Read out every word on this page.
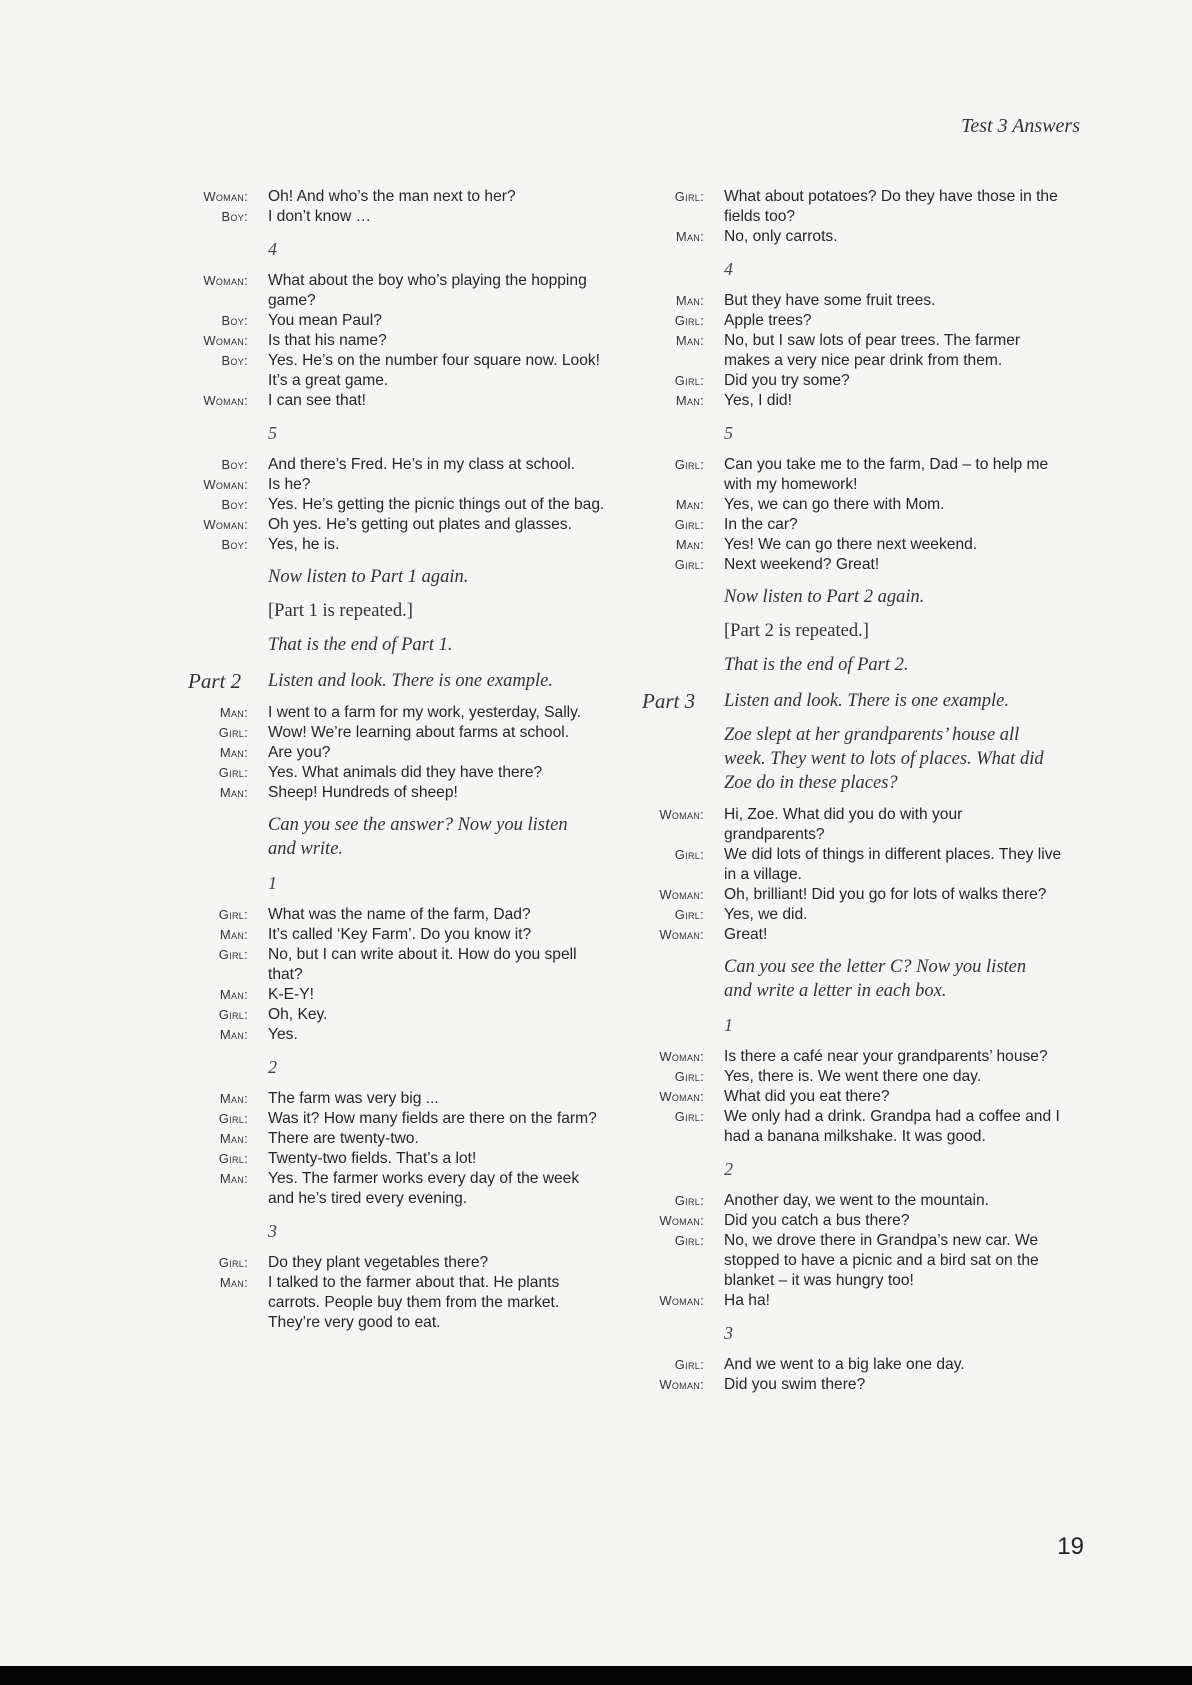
Test 3 Answers
Woman: Oh! And who’s the man next to her?
Boy: I don’t know …
4
Woman: What about the boy who’s playing the hopping game?
Boy: You mean Paul?
Woman: Is that his name?
Boy: Yes. He’s on the number four square now. Look! It’s a great game.
Woman: I can see that!
5
Boy: And there’s Fred. He’s in my class at school.
Woman: Is he?
Boy: Yes. He’s getting the picnic things out of the bag.
Woman: Oh yes. He’s getting out plates and glasses.
Boy: Yes, he is.
Now listen to Part 1 again.
[Part 1 is repeated.]
That is the end of Part 1.
Part 2	Listen and look. There is one example.
Man: I went to a farm for my work, yesterday, Sally.
Girl: Wow! We’re learning about farms at school.
Man: Are you?
Girl: Yes. What animals did they have there?
Man: Sheep! Hundreds of sheep!
Can you see the answer? Now you listen and write.
1
Girl: What was the name of the farm, Dad?
Man: It’s called ‘Key Farm’. Do you know it?
Girl: No, but I can write about it. How do you spell that?
Man: K-E-Y!
Girl: Oh, Key.
Man: Yes.
2
Man: The farm was very big ...
Girl: Was it? How many fields are there on the farm?
Man: There are twenty-two.
Girl: Twenty-two fields. That’s a lot!
Man: Yes. The farmer works every day of the week and he’s tired every evening.
3
Girl: Do they plant vegetables there?
Man: I talked to the farmer about that. He plants carrots. People buy them from the market. They’re very good to eat.
Girl: What about potatoes? Do they have those in the fields too?
Man: No, only carrots.
4
Man: But they have some fruit trees.
Girl: Apple trees?
Man: No, but I saw lots of pear trees. The farmer makes a very nice pear drink from them.
Girl: Did you try some?
Man: Yes, I did!
5
Girl: Can you take me to the farm, Dad – to help me with my homework!
Man: Yes, we can go there with Mom.
Girl: In the car?
Man: Yes! We can go there next weekend.
Girl: Next weekend? Great!
Now listen to Part 2 again.
[Part 2 is repeated.]
That is the end of Part 2.
Part 3	Listen and look. There is one example.
Zoe slept at her grandparents’ house all week. They went to lots of places. What did Zoe do in these places?
Woman: Hi, Zoe. What did you do with your grandparents?
Girl: We did lots of things in different places. They live in a village.
Woman: Oh, brilliant! Did you go for lots of walks there?
Girl: Yes, we did.
Woman: Great!
Can you see the letter C? Now you listen and write a letter in each box.
1
Woman: Is there a café near your grandparents’ house?
Girl: Yes, there is. We went there one day.
Woman: What did you eat there?
Girl: We only had a drink. Grandpa had a coffee and I had a banana milkshake. It was good.
2
Girl: Another day, we went to the mountain.
Woman: Did you catch a bus there?
Girl: No, we drove there in Grandpa’s new car. We stopped to have a picnic and a bird sat on the blanket – it was hungry too!
Woman: Ha ha!
3
Girl: And we went to a big lake one day.
Woman: Did you swim there?
19
